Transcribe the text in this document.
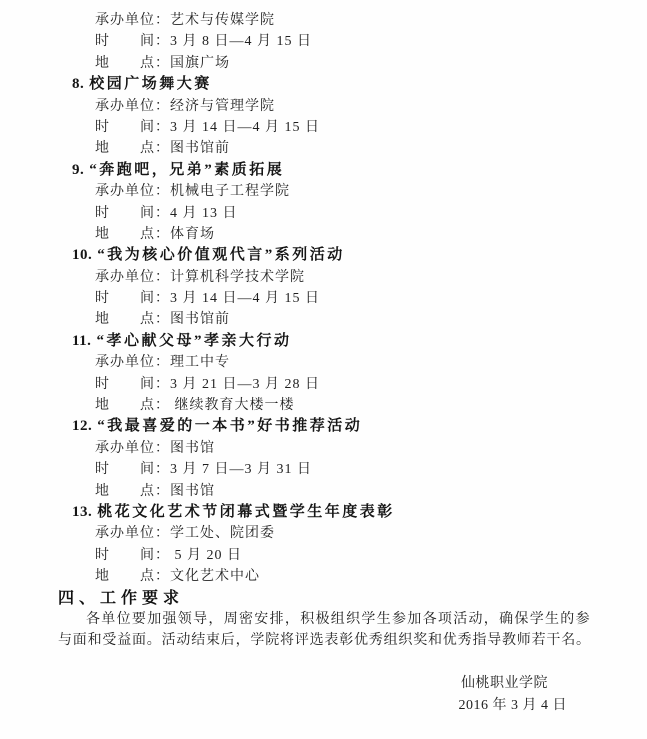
承办单位：艺术与传媒学院
时　　间：3 月 8 日—4 月 15 日
地　　点：国旗广场
8. 校园广场舞大赛
承办单位：经济与管理学院
时　　间：3 月 14 日—4 月 15 日
地　　点：图书馆前
9. “奔跑吧，兄弟”素质拓展
承办单位：机械电子工程学院
时　　间：4 月 13 日
地　　点：体育场
10. “我为核心价值观代言”系列活动
承办单位：计算机科学技术学院
时　　间：3 月 14 日—4 月 15 日
地　　点：图书馆前
11. “孝心献父母”孝亲大行动
承办单位：理工中专
时　　间：3 月 21 日—3 月 28 日
地　　点： 继续教育大楼一楼
12. “我最喜爱的一本书”好书推荐活动
承办单位：图书馆
时　　间：3 月 7 日—3 月 31 日
地　　点：图书馆
13. 桃花文化艺术节闭幕式暨学生年度表彰
承办单位：学工处、院团委
时　　间： 5 月 20 日
地　　点：文化艺术中心
四、工作要求
各单位要加强领导，周密安排，积极组织学生参加各项活动，确保学生的参
与面和受益面。活动结束后，学院将评选表彰优秀组织奖和优秀指导教师若干名。
仙桃职业学院
2016 年 3 月 4 日
